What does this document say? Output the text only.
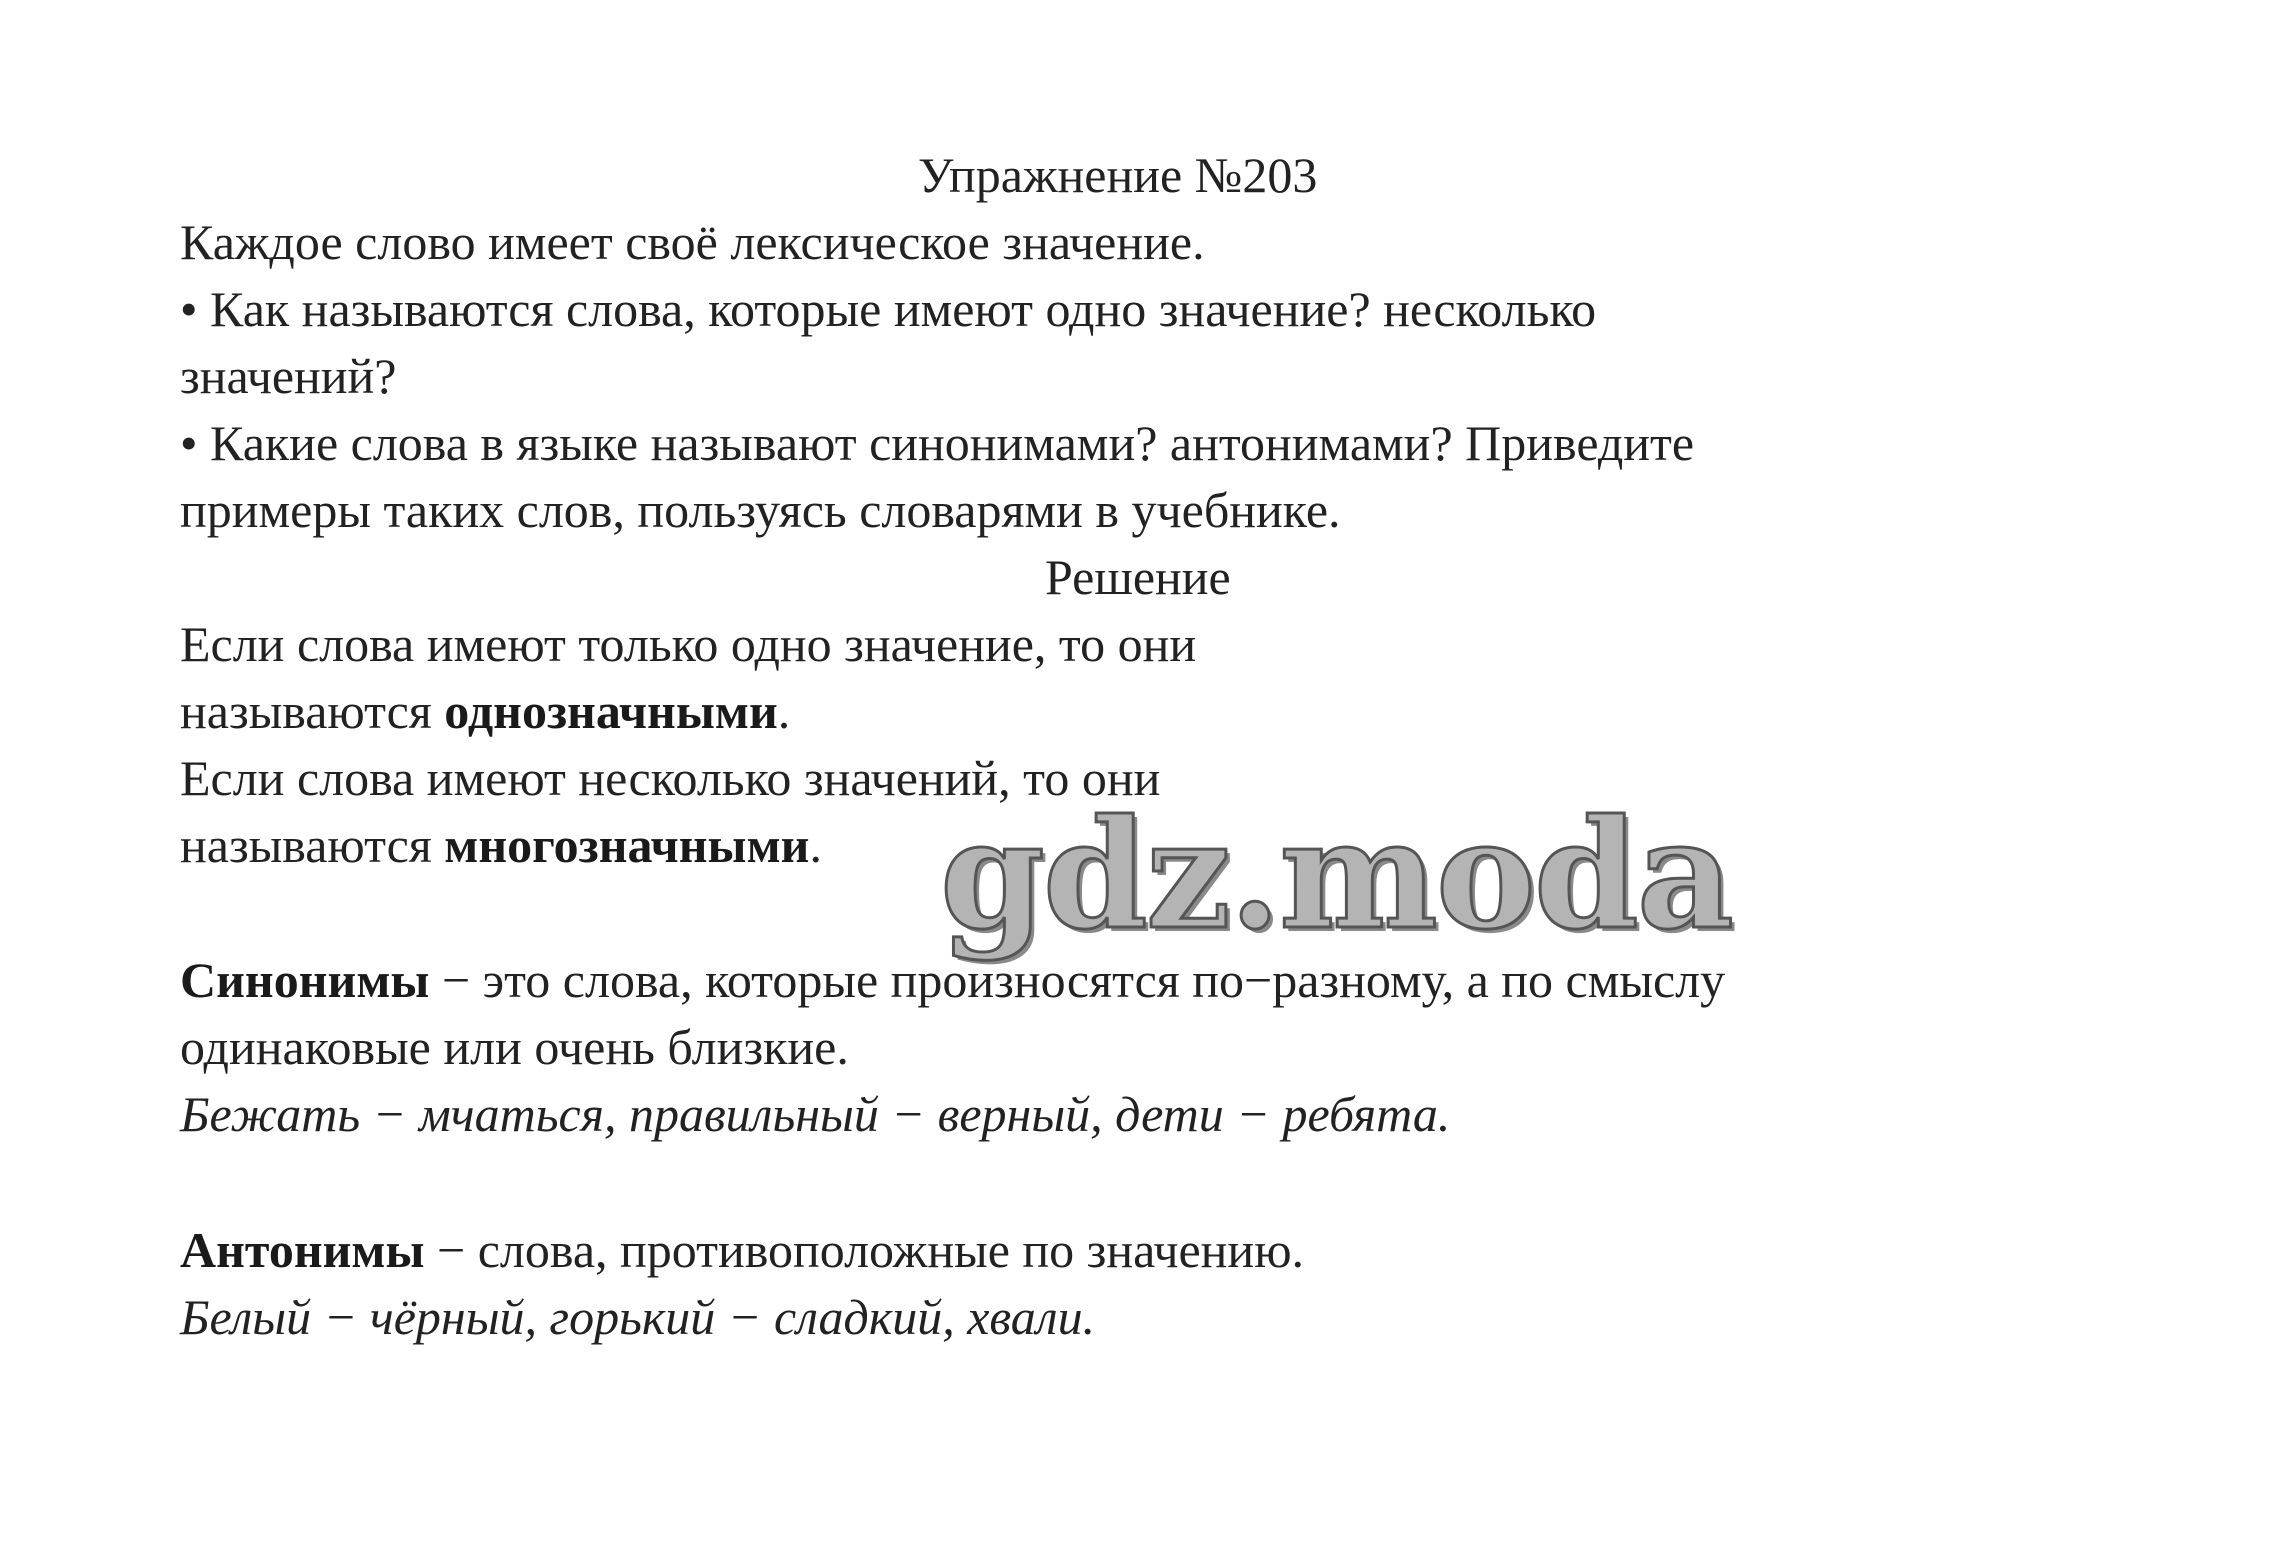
Упражнение №203
Каждое слово имеет своё лексическое значение.
• Как называются слова, которые имеют одно значение? несколько
значений?
• Какие слова в языке называют синонимами? антонимами? Приведите
примеры таких слов, пользуясь словарями в учебнике.
Решение
Если слова имеют только одно значение, то они
называются однозначными.
Если слова имеют несколько значений, то они
называются многозначными.
Синонимы − это слова, которые произносятся по−разному, а по смыслу
одинаковые или очень близкие.
Бежать − мчаться, правильный − верный, дети − ребята.
Антонимы − слова, противоположные по значению.
Белый − чёрный, горький − сладкий, хвали.
gdz.moda
